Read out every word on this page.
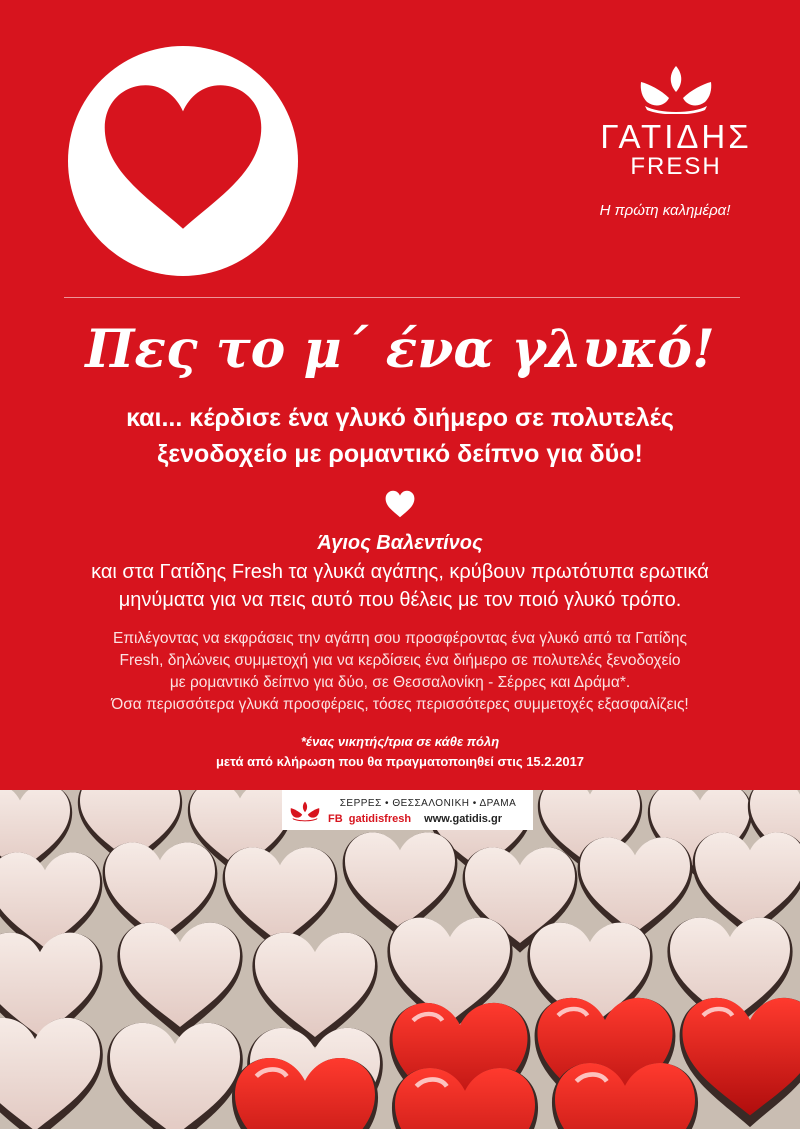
ΓΑΤΙΔΗΣ
FRESH
Η πρώτη καλημέρα!
Πες το μ΄ ένα γλυκό!
και... κέρδισε ένα γλυκό διήμερο σε πολυτελές
ξενοδοχείο με ρομαντικό δείπνο για δύο!
Άγιος Βαλεντίνος
και στα Γατίδης Fresh τα γλυκά αγάπης, κρύβουν πρωτότυπα ερωτικά
μηνύματα για να πεις αυτό που θέλεις με τον ποιό γλυκό τρόπο.
Επιλέγοντας να εκφράσεις την αγάπη σου προσφέροντας ένα γλυκό από τα Γατίδης
Fresh, δηλώνεις συμμετοχή για να κερδίσεις ένα διήμερο σε πολυτελές ξενοδοχείο
με ρομαντικό δείπνο για δύο, σε Θεσσαλονίκη - Σέρρες και Δράμα*.
Όσα περισσότερα γλυκά προσφέρεις, τόσες περισσότερες συμμετοχές εξασφαλίζεις!
*ένας νικητής/τρια σε κάθε πόλη
μετά από κλήρωση που θα πραγματοποιηθεί στις 15.2.2017
ΣΕΡΡΕΣ • ΘΕΣΣΑΛΟΝΙΚΗ • ΔΡΑΜΑ
FB gatidisfresh www.gatidis.gr
